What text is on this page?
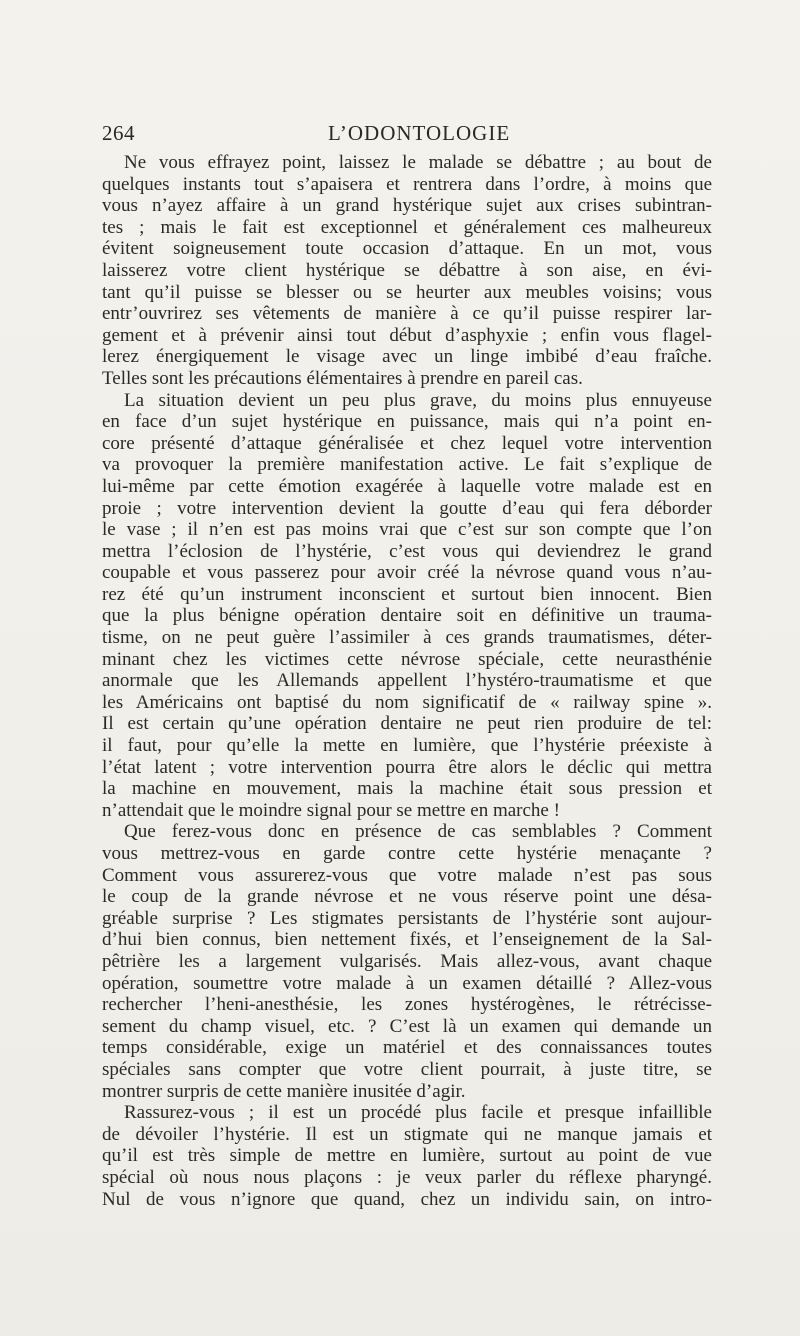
264	L’ODONTOLOGIE
Ne vous effrayez point, laissez le malade se débattre ; au bout de
quelques instants tout s’apaisera et rentrera dans l’ordre, à moins que
vous n’ayez affaire à un grand hystérique sujet aux crises subintran-
tes ; mais le fait est exceptionnel et généralement ces malheureux
évitent soigneusement toute occasion d’attaque. En un mot, vous
laisserez votre client hystérique se débattre à son aise, en évi-
tant qu’il puisse se blesser ou se heurter aux meubles voisins; vous
entr’ouvrirez ses vêtements de manière à ce qu’il puisse respirer lar-
gement et à prévenir ainsi tout début d’asphyxie ; enfin vous flagel-
lerez énergiquement le visage avec un linge imbibé d’eau fraîche.
Telles sont les précautions élémentaires à prendre en pareil cas.
La situation devient un peu plus grave, du moins plus ennuyeuse
en face d’un sujet hystérique en puissance, mais qui n’a point en-
core présenté d’attaque généralisée et chez lequel votre intervention
va provoquer la première manifestation active. Le fait s’explique de
lui-même par cette émotion exagérée à laquelle votre malade est en
proie ; votre intervention devient la goutte d’eau qui fera déborder
le vase ; il n’en est pas moins vrai que c’est sur son compte que l’on
mettra l’éclosion de l’hystérie, c’est vous qui deviendrez le grand
coupable et vous passerez pour avoir créé la névrose quand vous n’au-
rez été qu’un instrument inconscient et surtout bien innocent. Bien
que la plus bénigne opération dentaire soit en définitive un trauma-
tisme, on ne peut guère l’assimiler à ces grands traumatismes, déter-
minant chez les victimes cette névrose spéciale, cette neurasthénie
anormale que les Allemands appellent l’hystéro-traumatisme et que
les Américains ont baptisé du nom significatif de « railway spine ».
Il est certain qu’une opération dentaire ne peut rien produire de tel:
il faut, pour qu’elle la mette en lumière, que l’hystérie préexiste à
l’état latent ; votre intervention pourra être alors le déclic qui mettra
la machine en mouvement, mais la machine était sous pression et
n’attendait que le moindre signal pour se mettre en marche !
Que ferez-vous donc en présence de cas semblables ? Comment
vous mettrez-vous en garde contre cette hystérie menaçante ?
Comment vous assurerez-vous que votre malade n’est pas sous
le coup de la grande névrose et ne vous réserve point une désa-
gréable surprise ? Les stigmates persistants de l’hystérie sont aujour-
d’hui bien connus, bien nettement fixés, et l’enseignement de la Sal-
pêtrière les a largement vulgarisés. Mais allez-vous, avant chaque
opération, soumettre votre malade à un examen détaillé ? Allez-vous
rechercher l’heni-anesthésie, les zones hystérogènes, le rétrécisse-
sement du champ visuel, etc. ? C’est là un examen qui demande un
temps considérable, exige un matériel et des connaissances toutes
spéciales sans compter que votre client pourrait, à juste titre, se
montrer surpris de cette manière inusitée d’agir.
Rassurez-vous ; il est un procédé plus facile et presque infaillible
de dévoiler l’hystérie. Il est un stigmate qui ne manque jamais et
qu’il est très simple de mettre en lumière, surtout au point de vue
spécial où nous nous plaçons : je veux parler du réflexe pharyngé.
Nul de vous n’ignore que quand, chez un individu sain, on intro-
